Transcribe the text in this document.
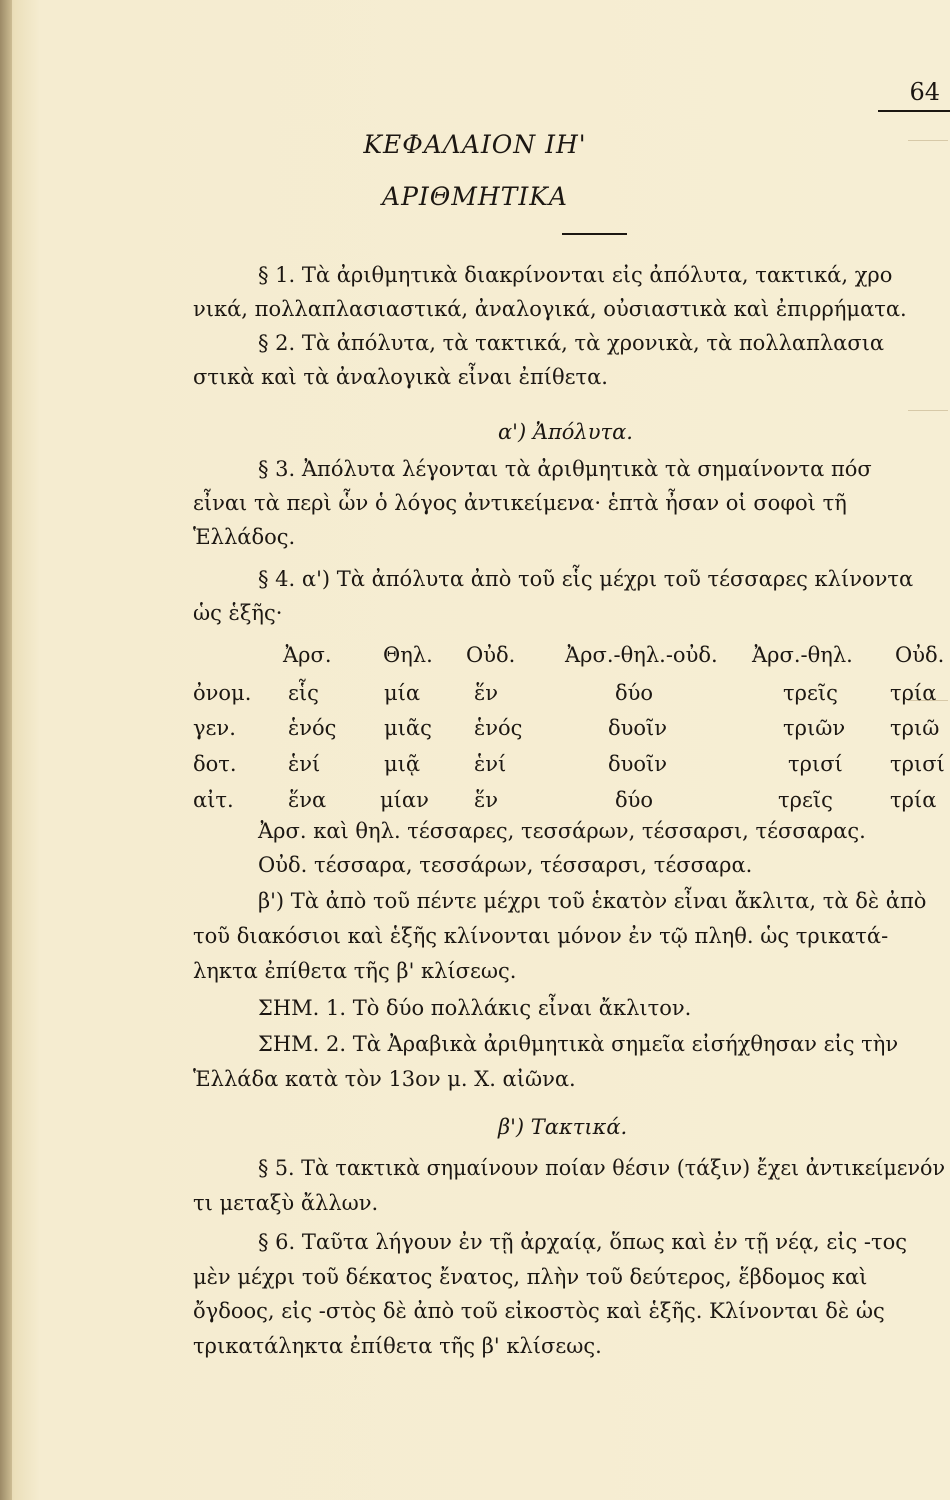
64
ΚΕΦΑΛΑΙΟΝ ΙΗ'
ΑΡΙΘΜΗΤΙΚΑ
§ 1. Τὰ ἀριθμητικὰ διακρίνονται εἰς ἀπόλυτα, τακτικά, χρο
νικά, πολλαπλασιαστικά, ἀναλογικά, οὐσιαστικὰ καὶ ἐπιρρήματα.
§ 2. Τὰ ἀπόλυτα, τὰ τακτικά, τὰ χρονικὰ, τὰ πολλαπλασια
στικὰ καὶ τὰ ἀναλογικὰ εἶναι ἐπίθετα.
α') Ἀπόλυτα.
§ 3. Ἀπόλυτα λέγονται τὰ ἀριθμητικὰ τὰ σημαίνοντα πόσ
εἶναι τὰ περὶ ὧν ὁ λόγος ἀντικείμενα· ἑπτὰ ἦσαν οἱ σοφοὶ τῆ
Ἑλλάδος.
§ 4. α') Τὰ ἀπόλυτα ἀπὸ τοῦ εἷς μέχρι τοῦ τέσσαρες κλίνοντα
ὡς ἑξῆς·
Ἀρσ. Θηλ. Οὐδ. Ἀρσ.-θηλ.-οὐδ. Ἀρσ.-θηλ. Οὐδ.
ὀνομ. εἷς	μία	ἕν	δύο	τρεῖς τρία
γεν. ἑνός μιᾶς ἑνός	δυοῖν	τριῶν τριῶ
δοτ. ἑνί	μιᾷ	ἑνί	δυοῖν	τρισί τρισί
αἰτ.	ἕνα	μίαν ἕν	δύο	τρεῖς	τρία
Ἀρσ. καὶ θηλ. τέσσαρες, τεσσάρων, τέσσαρσι, τέσσαρας.
Οὐδ. τέσσαρα, τεσσάρων, τέσσαρσι, τέσσαρα.
β') Τὰ ἀπὸ τοῦ πέντε μέχρι τοῦ ἑκατὸν εἶναι ἄκλιτα, τὰ δὲ ἀπὸ
τοῦ διακόσιοι καὶ ἑξῆς κλίνονται μόνον ἐν τῷ πληθ. ὡς τρικατά-
ληκτα ἐπίθετα τῆς β' κλίσεως.
ΣΗΜ. 1. Τὸ δύο πολλάκις εἶναι ἄκλιτον.
ΣΗΜ. 2. Τὰ Ἀραβικὰ ἀριθμητικὰ σημεῖα εἰσήχθησαν εἰς τὴν
Ἑλλάδα κατὰ τὸν 13ον μ. Χ. αἰῶνα.
β') Τακτικά.
§ 5. Τὰ τακτικὰ σημαίνουν ποίαν θέσιν (τάξιν) ἔχει ἀντικείμενόν
τι μεταξὺ ἄλλων.
§ 6. Ταῦτα λήγουν ἐν τῇ ἀρχαίᾳ, ὅπως καὶ ἐν τῇ νέᾳ, εἰς -τος
μὲν μέχρι τοῦ δέκατος ἔνατος, πλὴν τοῦ δεύτερος, ἕβδομος καὶ
ὄγδοος, εἰς -στὸς δὲ ἀπὸ τοῦ εἰκοστὸς καὶ ἑξῆς. Κλίνονται δὲ ὡς
τρικατάληκτα ἐπίθετα τῆς β' κλίσεως.
